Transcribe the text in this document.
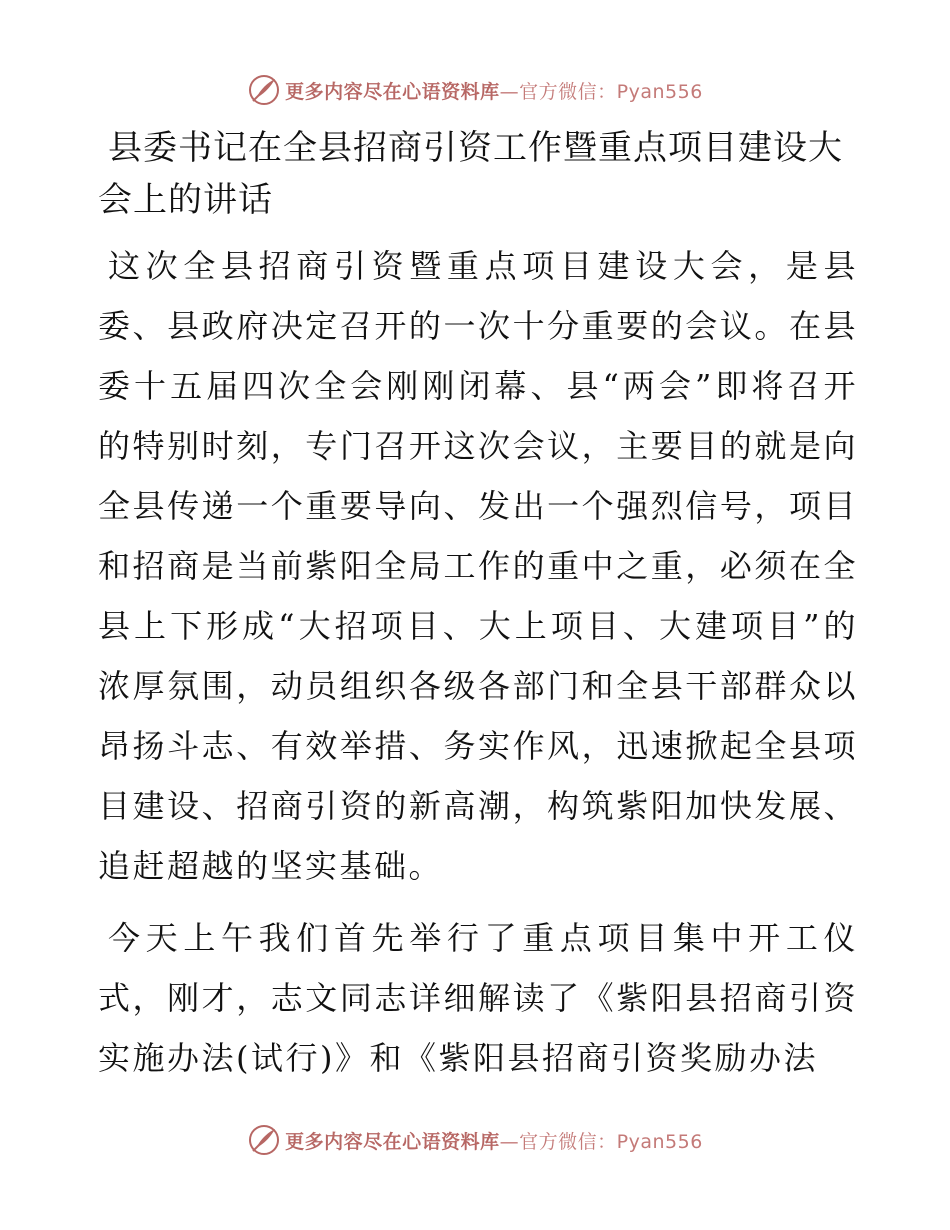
更多内容尽在心语资料库—官方微信：Pyan556
县委书记在全县招商引资工作暨重点项目建设大会上的讲话

这次全县招商引资暨重点项目建设大会，是县委、县政府决定召开的一次十分重要的会议。在县委十五届四次全会刚刚闭幕、县“两会”即将召开的特别时刻，专门召开这次会议，主要目的就是向全县传递一个重要导向、发出一个强烈信号，项目和招商是当前紫阳全局工作的重中之重，必须在全县上下形成“大招项目、大上项目、大建项目”的浓厚氛围，动员组织各级各部门和全县干部群众以昂扬斗志、有效举措、务实作风，迅速掀起全县项目建设、招商引资的新高潮，构筑紫阳加快发展、追赶超越的坚实基础。

今天上午我们首先举行了重点项目集中开工仪式，刚才，志文同志详细解读了《紫阳县招商引资实施办法(试行)》和《紫阳县招商引资奖励办法

更多内容尽在心语资料库—官方微信：Pyan556
